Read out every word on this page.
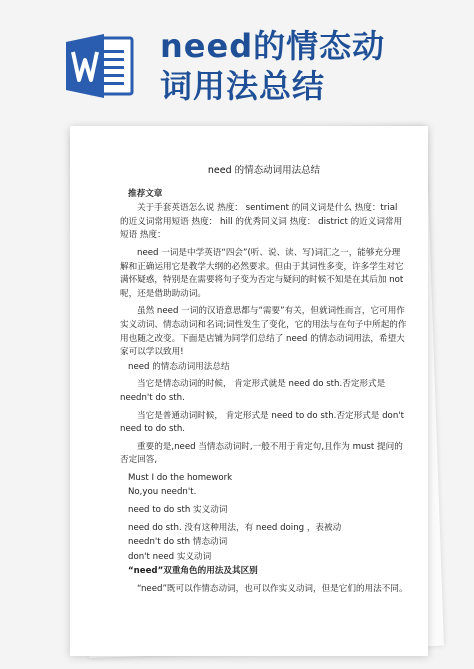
need的情态动
词用法总结
need 的情态动词用法总结
推荐文章
关于手套英语怎么说 热度： sentiment 的同义词是什么 热度：trial 的近义词常用短语 热度： hill 的优秀同义词 热度： district 的近义词常用短语 热度：
need 一词是中学英语“四会”(听、说、读、写)词汇之一，能够充分理解和正确运用它是教学大纲的必然要求。但由于其词性多变，许多学生对它满怀疑惑，特别是在需要将句子变为否定与疑问的时候不知是在其后加 not 呢，还是借助助动词。
虽然 need 一词的汉语意思都与“需要”有关，但就词性而言，它可用作实义动词、情态动词和名词;词性发生了变化，它的用法与在句子中所起的作用也随之改变。下面是店铺为同学们总结了 need 的情态动词用法，希望大家可以学以致用!
need 的情态动词用法总结
当它是情态动词的时候， 肯定形式就是 need do sth.否定形式是 needn't do sth.
当它是普通动词时候， 肯定形式是 need to do sth.否定形式是 don't need to do sth.
重要的是,need 当情态动词时,一般不用于肯定句,且作为 must 提问的否定回答,
Must I do the homework
No,you needn't.
need to do sth 实义动词
need do sth. 没有这种用法，有 need doing ，表被动
needn't do sth 情态动词
don't need 实义动词
“need”双重角色的用法及其区别
“need”既可以作情态动词，也可以作实义动词，但是它们的用法不同。
